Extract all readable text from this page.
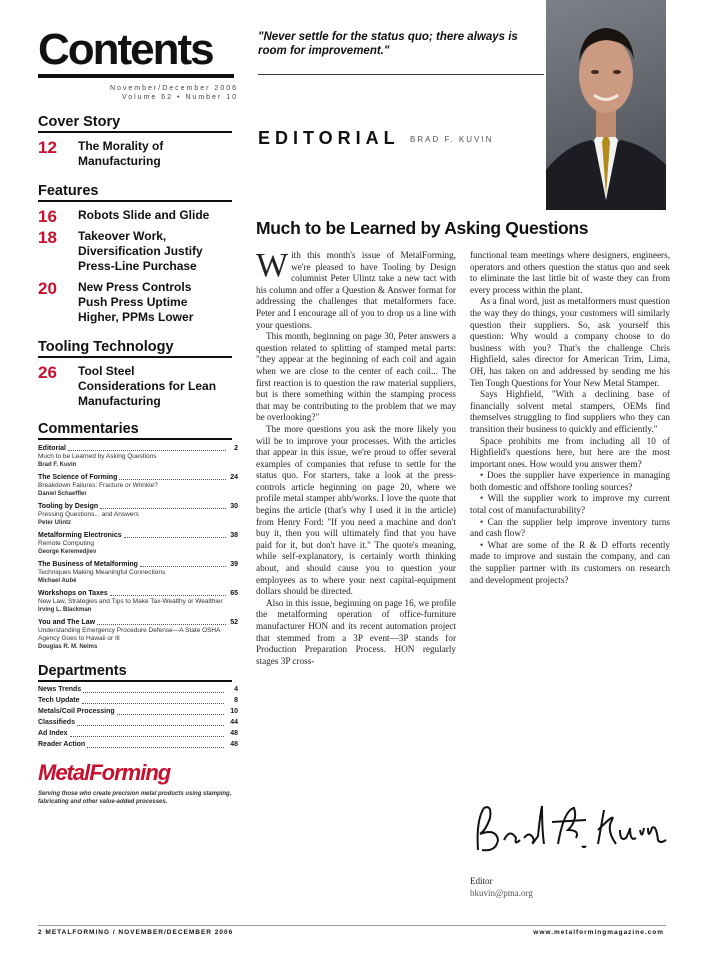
Contents
November/December 2006
Volume 62 • Number 10
Cover Story
12	The Morality of Manufacturing
Features
16	Robots Slide and Glide
18	Takeover Work, Diversification Justify Press-Line Purchase
20	New Press Controls Push Press Uptime Higher, PPMs Lower
Tooling Technology
26	Tool Steel Considerations for Lean Manufacturing
Commentaries
Editorial	2
Much to be Learned by Asking Questions
Brad F. Kuvin
The Science of Forming	24
Breakdown Failures: Fracture or Wrinkle?
Daniel Schaeffler
Tooling by Design	30
Pressing Questions... and Answers
Peter Ulintz
Metalforming Electronics	38
Remote Computing
George Keremedjiev
The Business of Metalforming	39
Techniques Making Meaningful Connections
Michael Aubé
Workshops on Taxes	65
New Law, Strategies and Tips to Make Tax-Wealthy or Wealthier
Irving L. Blackman
You and The Law	52
Understanding Emergency Procedure Defense—A State OSHA Agency Goes to Hawaii or Ill
Douglas R. M. Nelms
Departments
News Trends	4
Tech Update	8
Metals/Coil Processing	10
Classifieds	44
Ad Index	48
Reader Action	48
MetalForming
Serving those who create precision metal products using stamping, fabricating and other value-added processes.
"Never settle for the status quo; there always is room for improvement."
EDITORIAL BRAD F. KUVIN
Much to be Learned by Asking Questions

With this month's issue of MetalForming, we're pleased to have Tooling by Design columnist Peter Ulintz take a new tact with his column and offer a Question & Answer format for addressing the challenges that metalformers face. Peter and I encourage all of you to drop us a line with your questions.

This month, beginning on page 30, Peter answers a question related to splitting of stamped metal parts: "they appear at the beginning of each coil and again when we are close to the center of each coil... The first reaction is to question the raw material suppliers, but is there something within the stamping process that may be contributing to the problem that we may be overlooking?"

The more questions you ask the more likely you will be to improve your processes. With the articles that appear in this issue, we're proud to offer several examples of companies that refuse to settle for the status quo. For starters, take a look at the press-controls article beginning on page 20, where we profile metal stamper ahb/works. I love the quote that begins the article (that's why I used it in the article) from Henry Ford: "If you need a machine and don't buy it, then you will ultimately find that you have paid for it, but don't have it." The quote's meaning, while self-explanatory, is certainly worth thinking about, and should cause you to question your employees as to where your next capital-equipment dollars should be directed.

Also in this issue, beginning on page 16, we profile the metalforming operation of office-furniture manufacturer HON and its recent automation project that stemmed from a 3P event—3P stands for Production Preparation Process. HON regularly stages 3P cross-

functional team meetings where designers, engineers, operators and others question the status quo and seek to eliminate the last little bit of waste they can from every process within the plant.

As a final word, just as metalformers must question the way they do things, your customers will similarly question their suppliers. So, ask yourself this question: Why would a company choose to do business with you? That's the challenge Chris Highfield, sales director for American Trim, Lima, OH, has taken on and addressed by sending me his Ten Tough Questions for Your New Metal Stamper.

Says Highfield, "With a declining base of financially solvent metal stampers, OEMs find themselves struggling to find suppliers who they can transition their business to quickly and efficiently."

Space prohibits me from including all 10 of Highfield's questions here, but here are the most important ones. How would you answer them?

• Does the supplier have experience in managing both domestic and offshore tooling sources?

• Will the supplier work to improve my current total cost of manufacturability?

• Can the supplier help improve inventory turns and cash flow?

• What are some of the R & D efforts recently made to improve and sustain the company, and can the supplier partner with its customers on research and development projects?

Editor
bkuvin@pma.org
2 METALFORMING / NOVEMBER/DECEMBER 2006	www.metalformingmagazine.com
